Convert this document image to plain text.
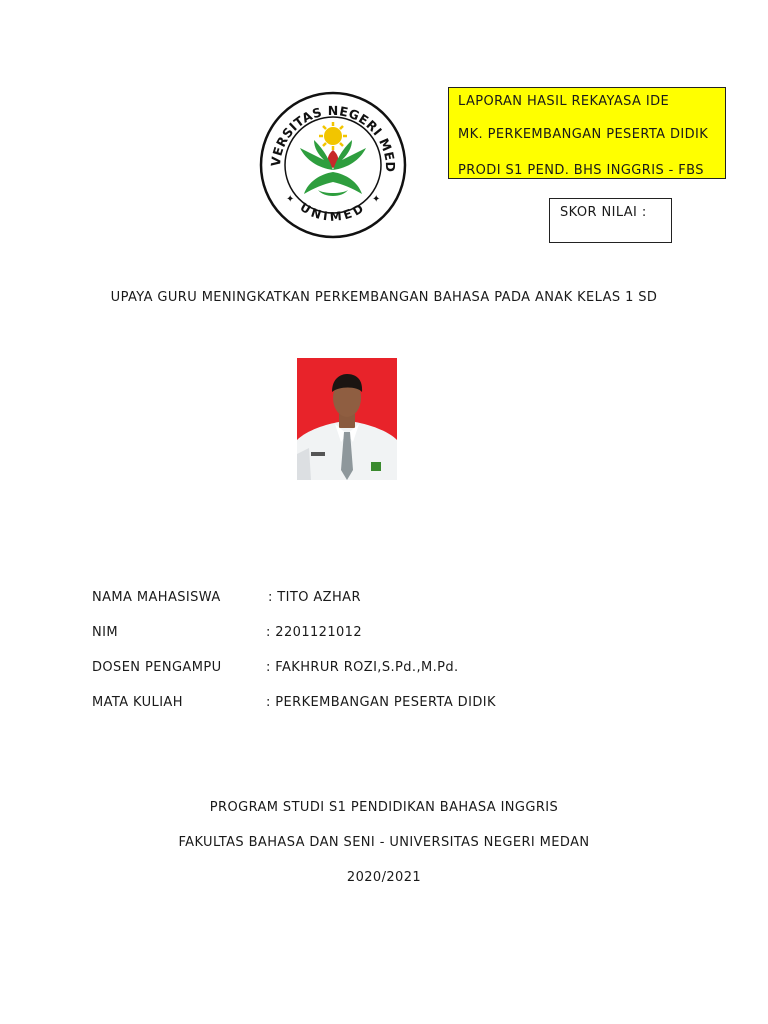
VERSITAS NEGERI MED
UNIMED
✦	✦
LAPORAN HASIL REKAYASA IDE
MK. PERKEMBANGAN PESERTA DIDIK
PRODI S1 PEND. BHS INGGRIS - FBS
SKOR NILAI :
UPAYA GURU MENINGKATKAN PERKEMBANGAN BAHASA PADA ANAK KELAS 1 SD
NAMA MAHASISWA	: TITO AZHAR
NIM	: 2201121012
DOSEN PENGAMPU	: FAKHRUR ROZI,S.Pd.,M.Pd.
MATA KULIAH	: PERKEMBANGAN PESERTA DIDIK
PROGRAM STUDI S1 PENDIDIKAN BAHASA INGGRIS
FAKULTAS BAHASA DAN SENI - UNIVERSITAS NEGERI MEDAN
2020/2021
